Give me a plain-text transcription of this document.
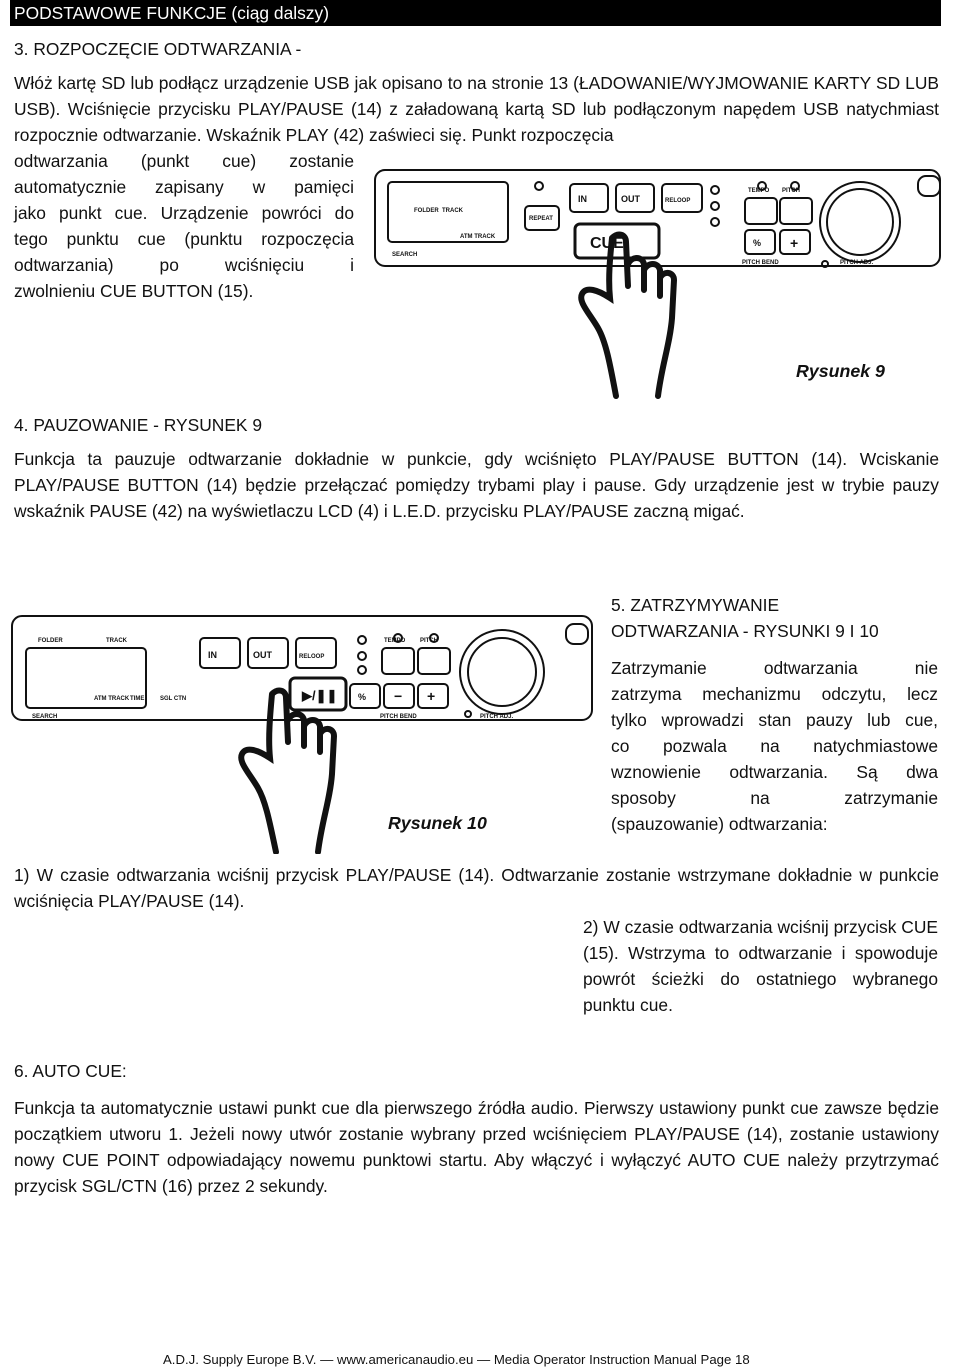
PODSTAWOWE FUNKCJE (ciąg dalszy)

3. ROZPOCZĘCIE ODTWARZANIA -

Włóż kartę SD lub podłącz urządzenie USB jak opisano to na stronie 13 (ŁADOWANIE/WYJMOWANIE KARTY SD LUB USB). Wciśnięcie przycisku PLAY/PAUSE (14) z załadowaną kartą SD lub podłączonym napędem USB natychmiast rozpocznie odtwarzanie. Wskaźnik PLAY (42) zaświeci się. Punkt rozpoczęcia

odtwarzania (punkt cue) zostanie

automatycznie zapisany w pamięci

jako punkt cue. Urządzenie powróci do

tego punktu cue (punktu rozpoczęcia

odtwarzania) po wciśnięciu i

zwolnieniu CUE BUTTON (15).

IN	OUT	RELOOP
REPEAT
CUE	% +
SEARCH
TRACK
FOLDER
ATM TRACK
TEMPO PITCH
PITCH BEND	PITCH ADJ.

Rysunek 9

4. PAUZOWANIE - RYSUNEK 9

Funkcja ta pauzuje odtwarzanie dokładnie w punkcie, gdy wciśnięto PLAY/PAUSE BUTTON (14). Wciskanie PLAY/PAUSE BUTTON (14) będzie przełączać pomiędzy trybami play i pause. Gdy urządzenie jest w trybie pauzy wskaźnik PAUSE (42) na wyświetlaczu LCD (4) i L.E.D. przycisku PLAY/PAUSE zaczną migać.

IN	OUT	RELOOP
▶/❚❚ % − +
SEARCH
TRACK
FOLDER
ATM TRACK TIME	SGL CTN
TEMPO PITCH
PITCH BEND	PITCH ADJ.

Rysunek 10

5. ZATRZYMYWANIE

ODTWARZANIA - RYSUNKI 9 I 10

Zatrzymanie odtwarzania nie

zatrzyma mechanizmu odczytu, lecz

tylko wprowadzi stan pauzy lub cue,

co pozwala na natychmiastowe

wznowienie odtwarzania. Są dwa

sposoby na zatrzymanie

(spauzowanie) odtwarzania:

1) W czasie odtwarzania wciśnij przycisk PLAY/PAUSE (14). Odtwarzanie zostanie wstrzymane dokładnie w punkcie wciśnięcia PLAY/PAUSE (14).

2) W czasie odtwarzania wciśnij przycisk CUE (15). Wstrzyma to odtwarzanie i spowoduje powrót ścieżki do ostatniego wybranego punktu cue.

6. AUTO CUE:

Funkcja ta automatycznie ustawi punkt cue dla pierwszego źródła audio. Pierwszy ustawiony punkt cue zawsze będzie początkiem utworu 1. Jeżeli nowy utwór zostanie wybrany przed wciśnięciem PLAY/PAUSE (14), zostanie ustawiony nowy CUE POINT odpowiadający nowemu punktowi startu. Aby włączyć i wyłączyć AUTO CUE należy przytrzymać przycisk SGL/CTN (16) przez 2 sekundy.

A.D.J. Supply Europe B.V. — www.americanaudio.eu — Media Operator Instruction Manual Page 18
